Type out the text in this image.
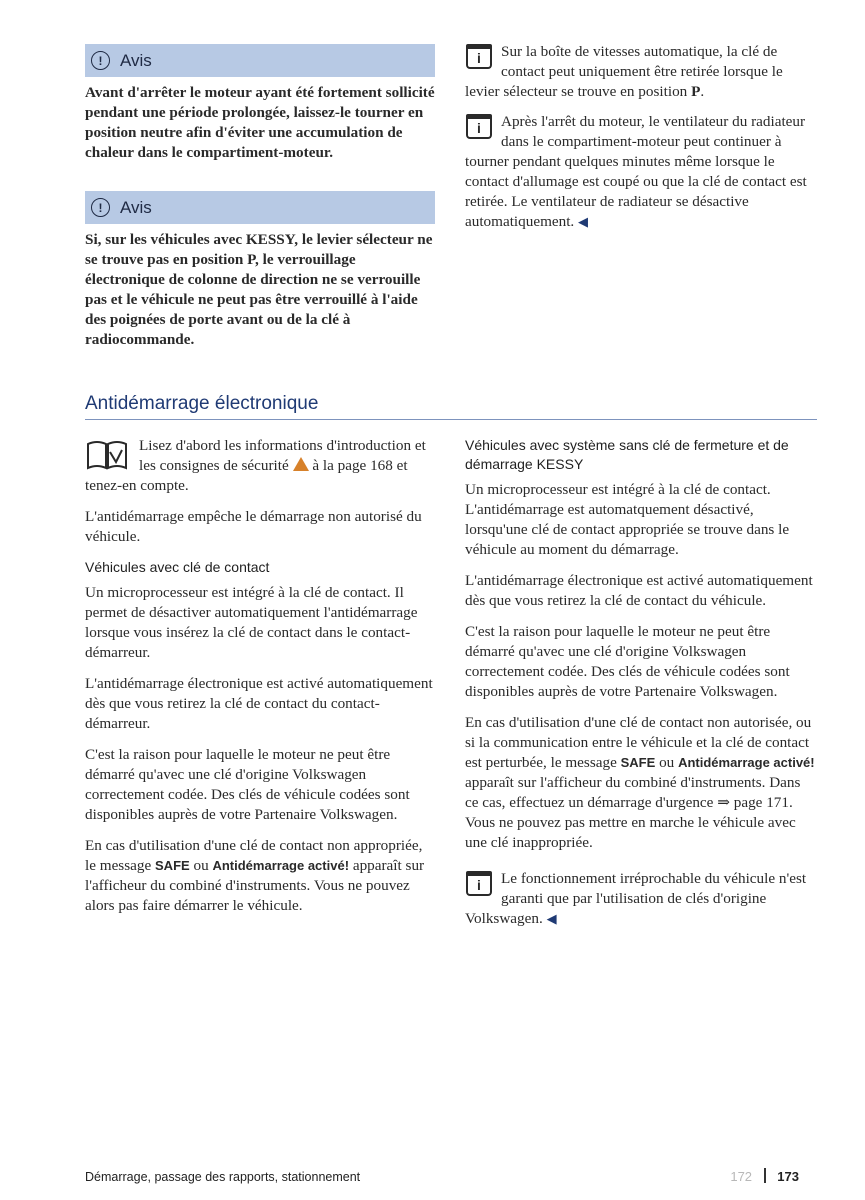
!	Avis

Avant d'arrêter le moteur ayant été fortement sollicité pendant une période prolongée, laissez-le tourner en position neutre afin d'éviter une accumulation de chaleur dans le compartiment-moteur.

!	Avis

Si, sur les véhicules avec KESSY, le levier sélecteur ne se trouve pas en position P, le verrouillage électronique de colonne de direction ne se verrouille pas et le véhicule ne peut pas être verrouillé à l'aide des poignées de porte avant ou de la clé à radiocommande.

i	Sur la boîte de vitesses automatique, la clé de contact peut uniquement être retirée lorsque le levier sélecteur se trouve en position P.

i	Après l'arrêt du moteur, le ventilateur du radiateur dans le compartiment-moteur peut continuer à tourner pendant quelques minutes même lorsque le contact d'allumage est coupé ou que la clé de contact est retirée. Le ventilateur de radiateur se désactive automatiquement. ◀

Antidémarrage électronique

Lisez d'abord les informations d'introduction et les consignes de sécurité à la page 168 et tenez-en compte.

L'antidémarrage empêche le démarrage non autorisé du véhicule.

Véhicules avec clé de contact

Un microprocesseur est intégré à la clé de contact. Il permet de désactiver automatiquement l'antidémarrage lorsque vous insérez la clé de contact dans le contact-démarreur.

L'antidémarrage électronique est activé automatiquement dès que vous retirez la clé de contact du contact-démarreur.

C'est la raison pour laquelle le moteur ne peut être démarré qu'avec une clé d'origine Volkswagen correctement codée. Des clés de véhicule codées sont disponibles auprès de votre Partenaire Volkswagen.

En cas d'utilisation d'une clé de contact non appropriée, le message SAFE ou Antidémarrage activé! apparaît sur l'afficheur du combiné d'instruments. Vous ne pouvez alors pas faire démarrer le véhicule.

Véhicules avec système sans clé de fermeture et de démarrage KESSY

Un microprocesseur est intégré à la clé de contact. L'antidémarrage est automatquement désactivé, lorsqu'une clé de contact appropriée se trouve dans le véhicule au moment du démarrage.

L'antidémarrage électronique est activé automatiquement dès que vous retirez la clé de contact du véhicule.

C'est la raison pour laquelle le moteur ne peut être démarré qu'avec une clé d'origine Volkswagen correctement codée. Des clés de véhicule codées sont disponibles auprès de votre Partenaire Volkswagen.

En cas d'utilisation d'une clé de contact non autorisée, ou si la communication entre le véhicule et la clé de contact est perturbée, le message SAFE ou Antidémarrage activé! apparaît sur l'afficheur du combiné d'instruments. Dans ce cas, effectuez un démarrage d'urgence ⇒ page 171. Vous ne pouvez pas mettre en marche le véhicule avec une clé inappropriée.

i	Le fonctionnement irréprochable du véhicule n'est garanti que par l'utilisation de clés d'origine Volkswagen. ◀

Démarrage, passage des rapports, stationnement	172 173
